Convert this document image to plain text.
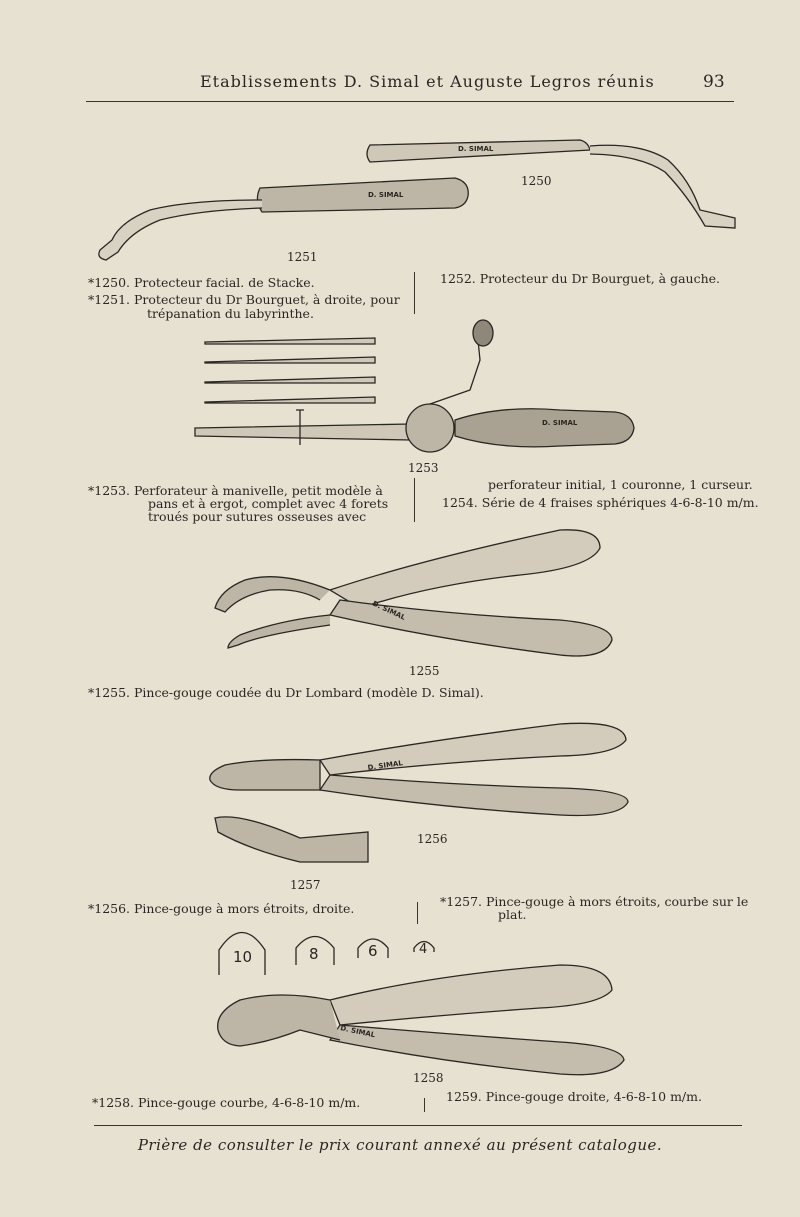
Etablissements D. Simal et Auguste Legros réunis	93
D. SIMAL
D. SIMAL
D. SIMAL
D. SIMAL
D. SIMAL
D. SIMAL
1250
1251
1253
1255
1256
1257
1258
10	8	6	4
*1250. Protecteur facial. de Stacke.
*1251. Protecteur du Dr Bourguet, à droite, pour
trépanation du labyrinthe.
1252. Protecteur du Dr Bourguet, à gauche.
*1253. Perforateur à manivelle, petit modèle à
pans et à ergot, complet avec 4 forets
troués pour sutures osseuses avec
perforateur initial, 1 couronne, 1 curseur.
1254. Série de 4 fraises sphériques 4-6-8-10 m/m.
*1255. Pince-gouge coudée du Dr Lombard (modèle D. Simal).
*1256. Pince-gouge à mors étroits, droite.	*1257. Pince-gouge à mors étroits, courbe sur le
plat.
*1258. Pince-gouge courbe, 4-6-8-10 m/m.	1259. Pince-gouge droite, 4-6-8-10 m/m.
Prière de consulter le prix courant annexé au présent catalogue.
